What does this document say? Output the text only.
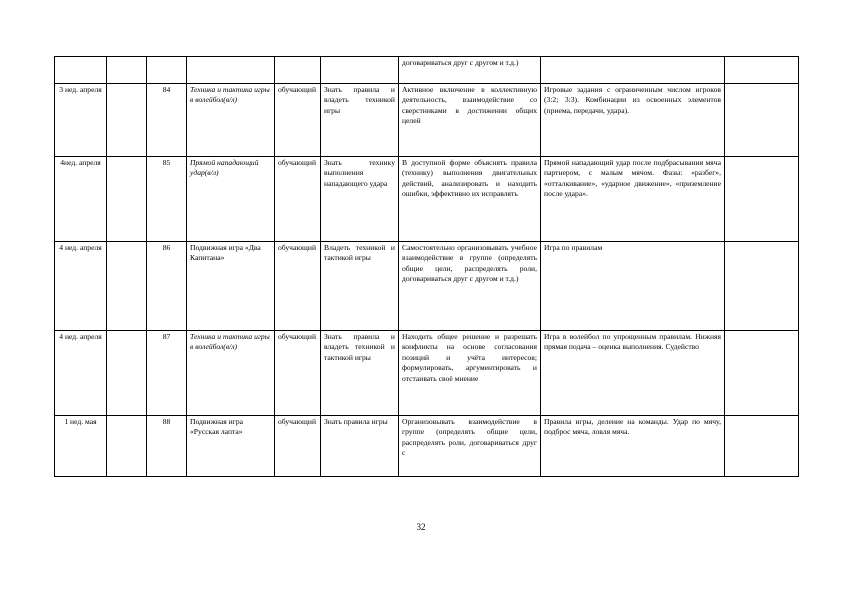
						договариваться друг с другом и т.д.)		
3 нед. апреля		84	Техника и тактика игры в волейбол(в/л)	обучающий	Знать правила и владеть техникой игры	Активное включение в коллективную деятельность, взаимодействие со сверстниками в достижении общих целей	Игровые задания с ограниченным числом игроков (3:2; 3:3). Комбинации из освоенных элементов (приема, передачи, удара).	
4нед. апреля		85	Прямой нападающий удар(в/л)	обучающий	Знать технику выполнения нападающего удара	В доступной форме объяснять правила (технику) выполнения двигательных действий, анализировать и находить ошибки, эффективно их исправлять	Прямой нападающий удар после подбрасывания мяча партнером, с малым мячом. Фазы: «разбег», «отталкивание», «ударное движение», «приземление после удара».	
4 нед. апреля		86	Подвижная игра «Два Капитана»	обучающий	Владеть техникой и тактикой игры	Самостоятельно организовывать учебное взаимодействие в группе (определять общие цели, распределять роли, договариваться друг с другом и т.д.)	Игра по правилам	
4 нед. апреля		87	Техника и тактика игры в волейбол(в/л)	обучающий	Знать правила и владеть техникой и тактикой игры	Находить общее решение и разрешать конфликты на основе согласования позиций и учёта интересов; формулировать, аргументировать и отстаивать своё мнение	Игра в волейбол по упрощенным правилам. Нижняя прямая подача – оценка выполнения. Судейство	
1 нед. мая		88	Подвижная игра «Русская лапта»	обучающий	Знать правила игры	Организовывать взаимодействие в группе (определять общие цели, распределять роли, договариваться друг с	Правила игры, деление на команды. Удар по мячу, подброс мяча, ловля мяча.	
32
